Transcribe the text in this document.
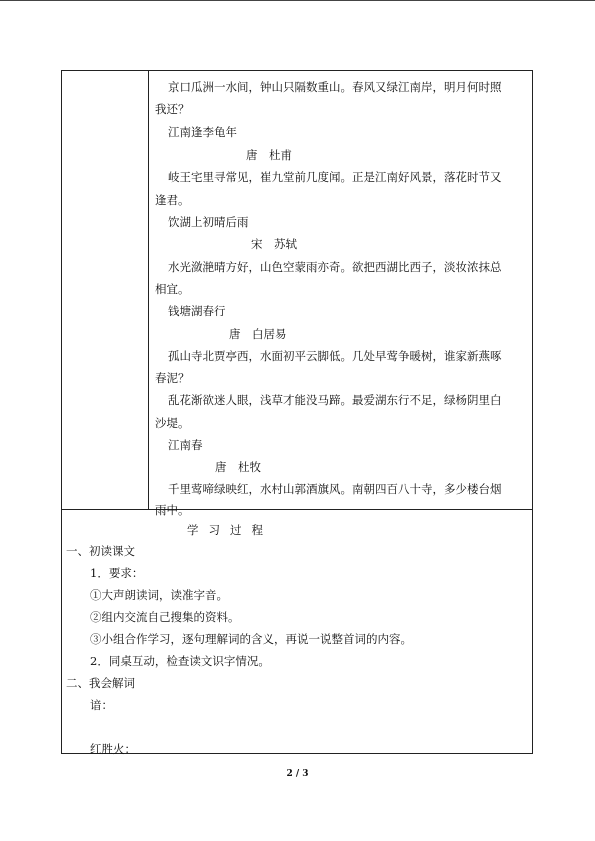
京口瓜洲一水间，钟山只隔数重山。春风又绿江南岸，明月何时照
我还？
江南逢李龟年
唐　杜甫
岐王宅里寻常见，崔九堂前几度闻。正是江南好风景，落花时节又
逢君。
饮湖上初晴后雨
宋　苏轼
水光潋滟晴方好，山色空蒙雨亦奇。欲把西湖比西子，淡妆浓抹总
相宜。
钱塘湖春行
唐　白居易
孤山寺北贾亭西，水面初平云脚低。几处早莺争暖树，谁家新燕啄
春泥？
乱花渐欲迷人眼，浅草才能没马蹄。最爱湖东行不足，绿杨阴里白
沙堤。
江南春
唐　杜牧
千里莺啼绿映红，水村山郭酒旗风。南朝四百八十寺，多少楼台烟
雨中。
学习过程
一、初读课文
1．要求：
①大声朗读词，读准字音。
②组内交流自己搜集的资料。
③小组合作学习，逐句理解词的含义，再说一说整首词的内容。
2．同桌互动，检查读文识字情况。
二、我会解词
谙：
红胜火：
2 / 3
